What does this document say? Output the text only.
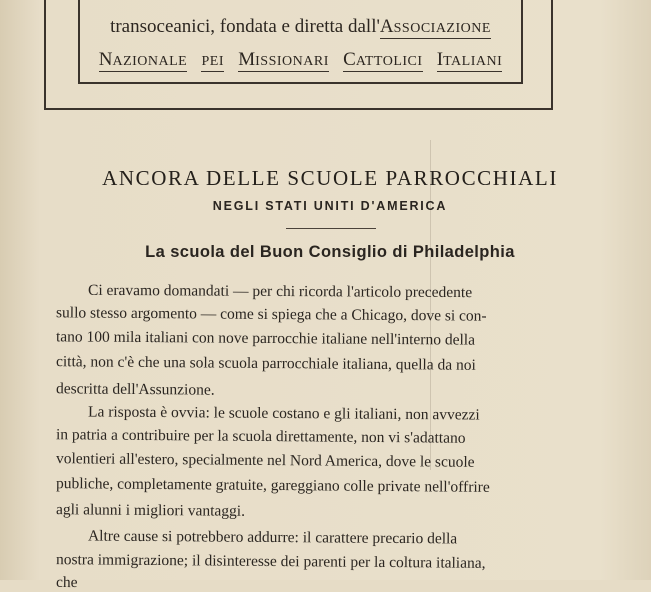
transoceanici, fondata e diretta dall'ASSOCIAZIONE
NAZIONALE PEI MISSIONARI CATTOLICI ITALIANI
ANCORA DELLE SCUOLE PARROCCHIALI
NEGLI STATI UNITI D'AMERICA
La scuola del Buon Consiglio di Philadelphia
Ci eravamo domandati — per chi ricorda l'articolo precedente
sullo stesso argomento — come si spiega che a Chicago, dove si con-
tano 100 mila italiani con nove parrocchie italiane nell'interno della
città, non c'è che una sola scuola parrocchiale italiana, quella da noi
descritta dell'Assunzione.
La risposta è ovvia: le scuole costano e gli italiani, non avvezzi
in patria a contribuire per la scuola direttamente, non vi s'adattano
volentieri all'estero, specialmente nel Nord America, dove le scuole
publiche, completamente gratuite, gareggiano colle private nell'offrire
agli alunni i migliori vantaggi.
Altre cause si potrebbero addurre: il carattere precario della
nostra immigrazione; il disinteresse dei parenti per la coltura italiana,
che
